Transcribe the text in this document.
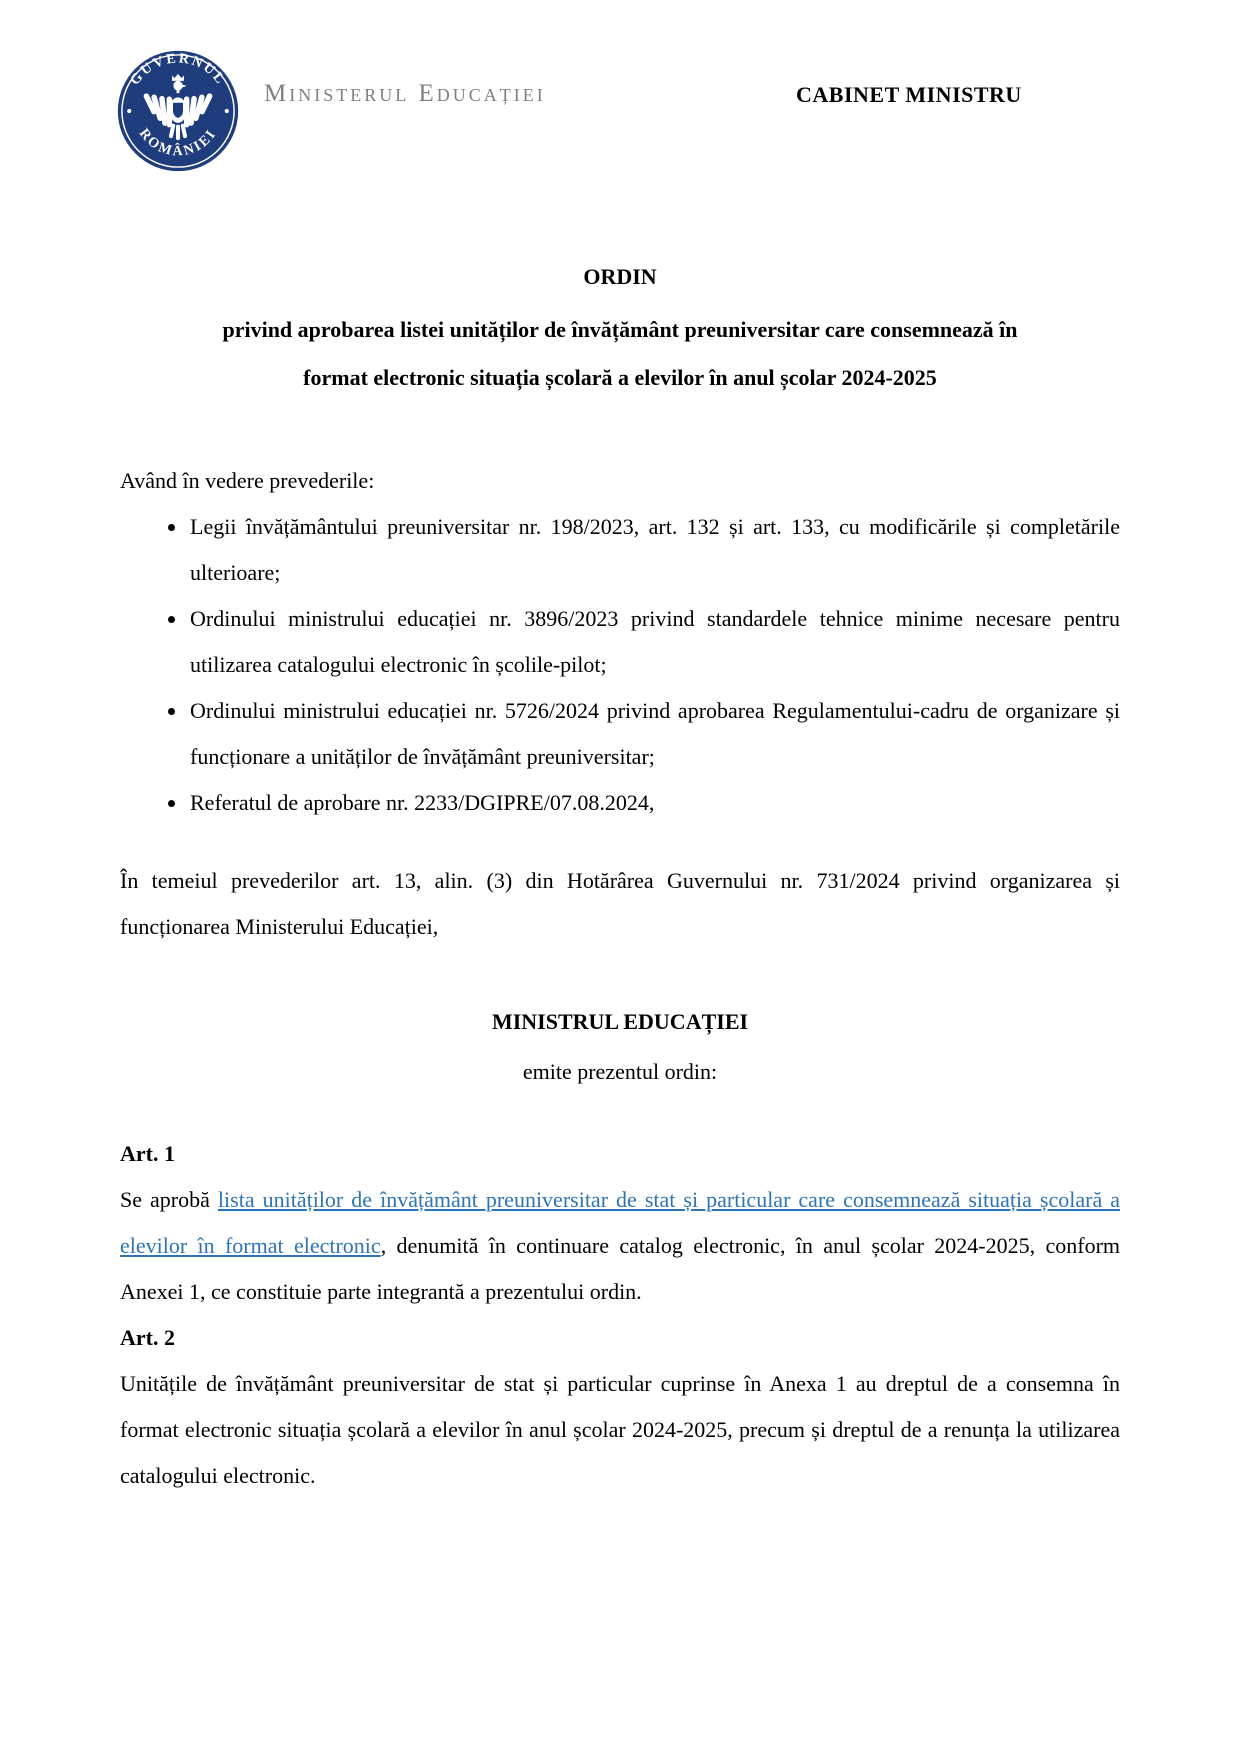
GUVERNUL
ROMÂNIEI
Ministerul Educației	CABINET MINISTRU
ORDIN
privind aprobarea listei unităților de învățământ preuniversitar care consemnează în
format electronic situația școlară a elevilor în anul școlar 2024-2025

Având în vedere prevederile:

• Legii învățământului preuniversitar nr. 198/2023, art. 132 și art. 133, cu modificările și completările ulterioare;
• Ordinului ministrului educației nr. 3896/2023 privind standardele tehnice minime necesare pentru utilizarea catalogului electronic în școlile-pilot;
• Ordinului ministrului educației nr. 5726/2024 privind aprobarea Regulamentului-cadru de organizare și funcționare a unităților de învățământ preuniversitar;
• Referatul de aprobare nr. 2233/DGIPRE/07.08.2024,

În temeiul prevederilor art. 13, alin. (3) din Hotărârea Guvernului nr. 731/2024 privind organizarea și funcționarea Ministerului Educației,

MINISTRUL EDUCAȚIEI

emite prezentul ordin:

Art. 1

Se aprobă lista unităților de învățământ preuniversitar de stat și particular care consemnează situația școlară a elevilor în format electronic, denumită în continuare catalog electronic, în anul școlar 2024-2025, conform Anexei 1, ce constituie parte integrantă a prezentului ordin.

Art. 2

Unitățile de învățământ preuniversitar de stat și particular cuprinse în Anexa 1 au dreptul de a consemna în format electronic situația școlară a elevilor în anul școlar 2024-2025, precum și dreptul de a renunța la utilizarea catalogului electronic.
